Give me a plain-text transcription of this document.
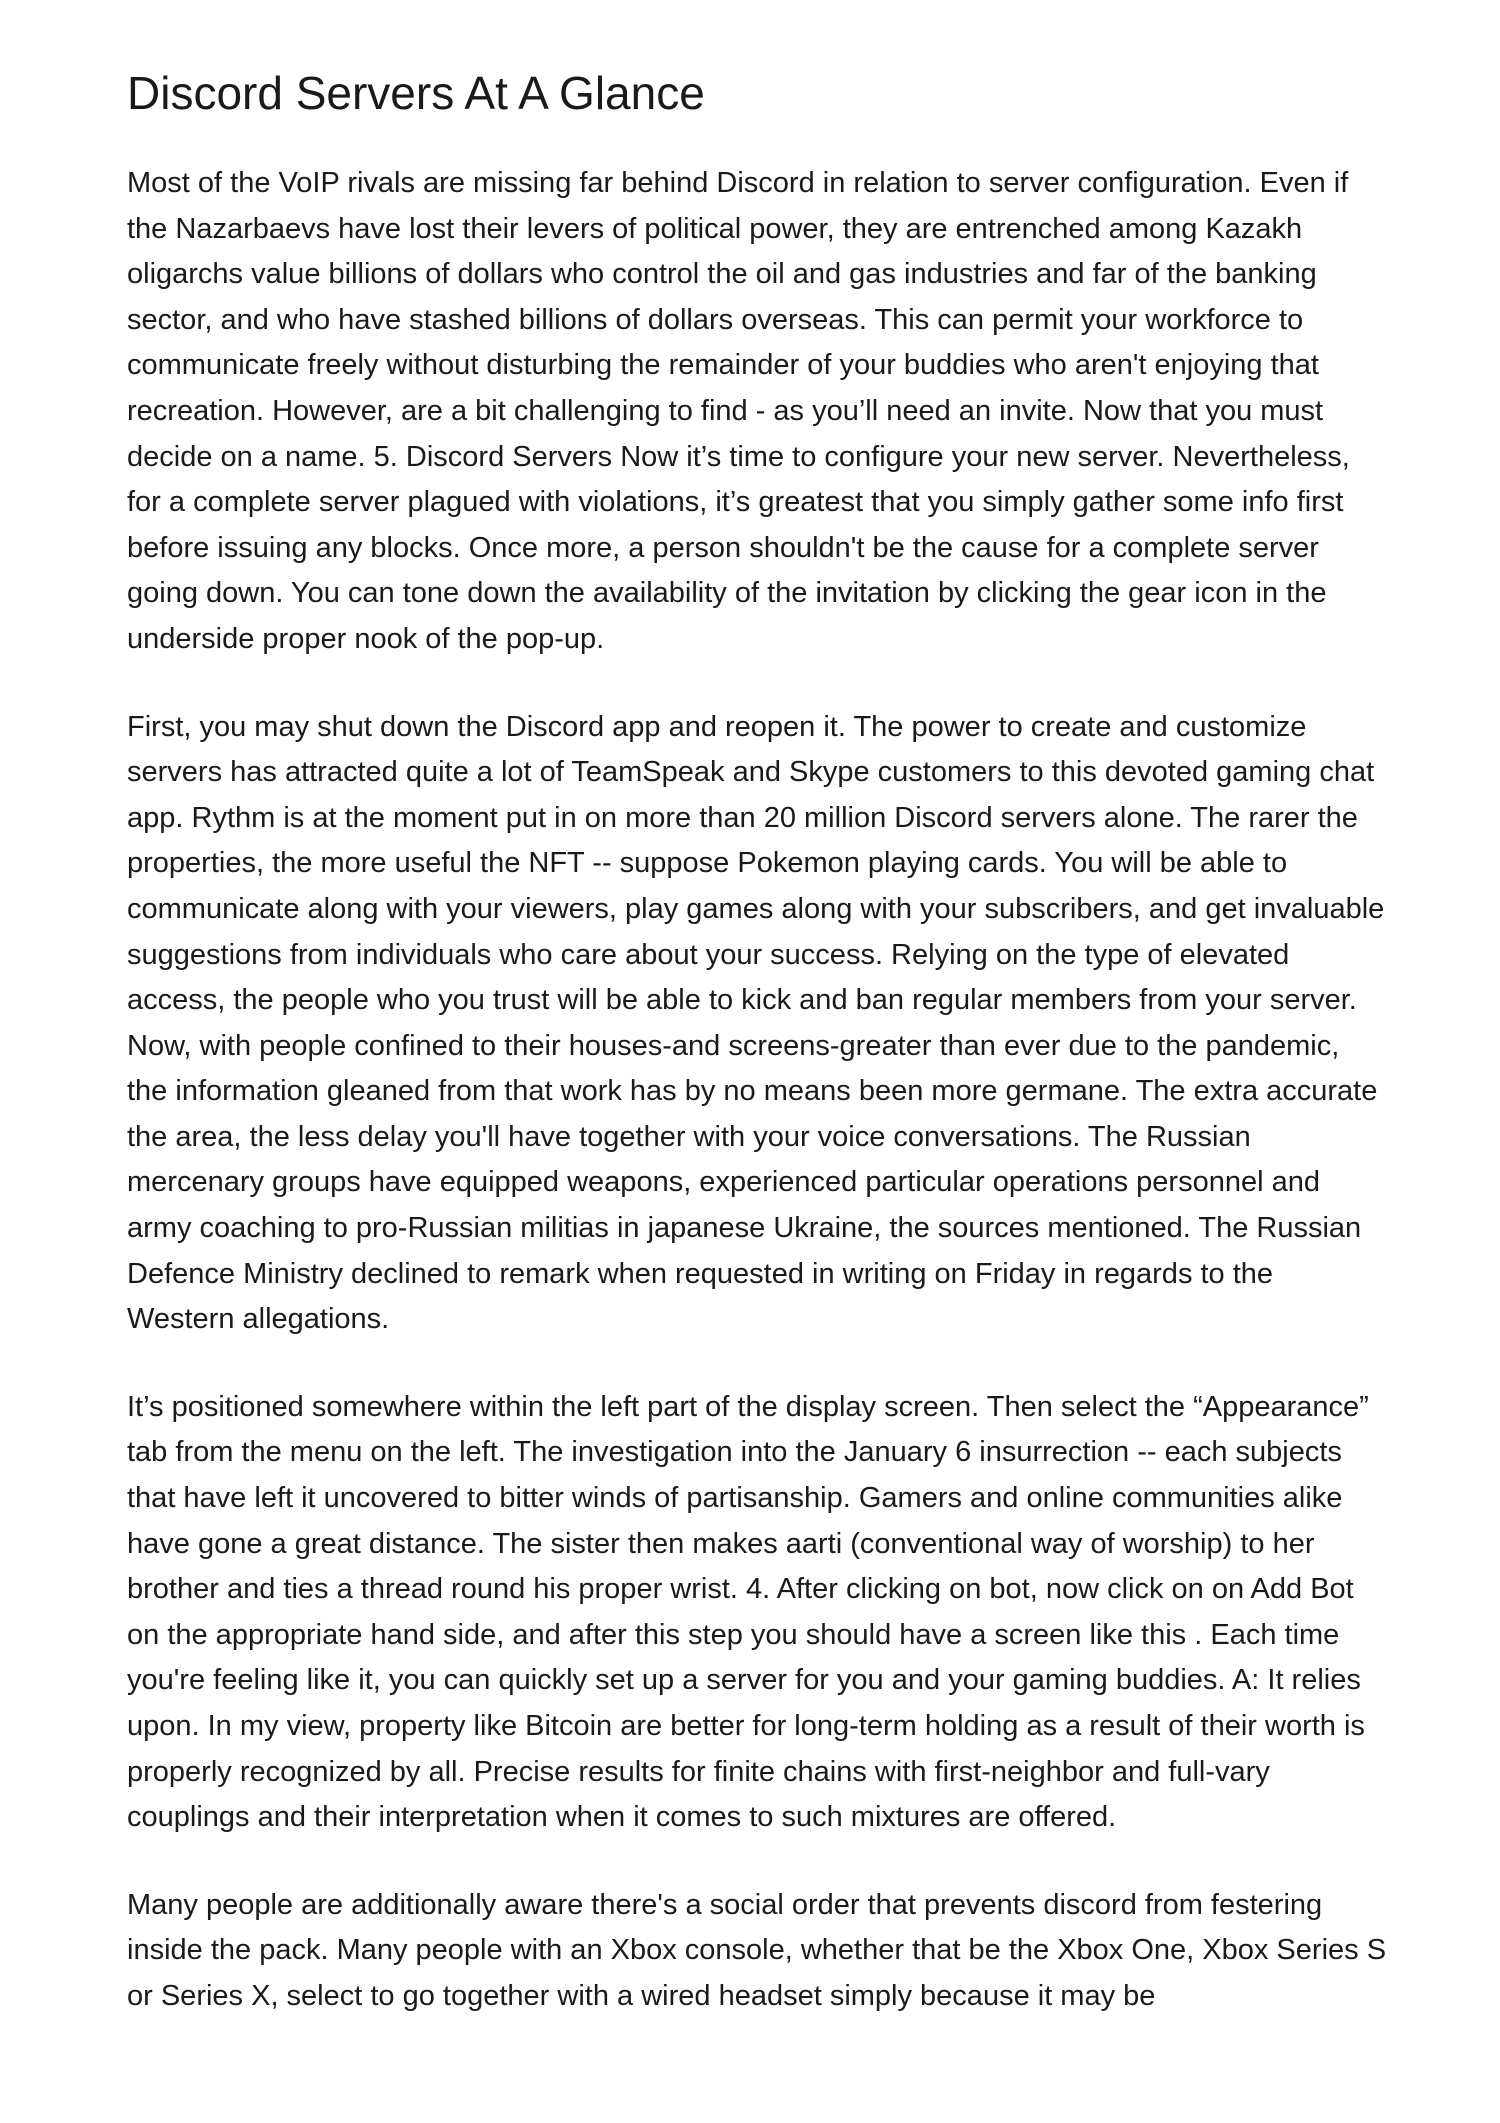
Discord Servers At A Glance

Most of the VoIP rivals are missing far behind Discord in relation to server configuration. Even if the Nazarbaevs have lost their levers of political power, they are entrenched among Kazakh oligarchs value billions of dollars who control the oil and gas industries and far of the banking sector, and who have stashed billions of dollars overseas. This can permit your workforce to communicate freely without disturbing the remainder of your buddies who aren't enjoying that recreation. However, are a bit challenging to find - as you’ll need an invite. Now that you must decide on a name. 5. Discord Servers Now it’s time to configure your new server. Nevertheless, for a complete server plagued with violations, it’s greatest that you simply gather some info first before issuing any blocks. Once more, a person shouldn't be the cause for a complete server going down. You can tone down the availability of the invitation by clicking the gear icon in the underside proper nook of the pop-up.

First, you may shut down the Discord app and reopen it. The power to create and customize servers has attracted quite a lot of TeamSpeak and Skype customers to this devoted gaming chat app. Rythm is at the moment put in on more than 20 million Discord servers alone. The rarer the properties, the more useful the NFT -- suppose Pokemon playing cards. You will be able to communicate along with your viewers, play games along with your subscribers, and get invaluable suggestions from individuals who care about your success. Relying on the type of elevated access, the people who you trust will be able to kick and ban regular members from your server. Now, with people confined to their houses-and screens-greater than ever due to the pandemic, the information gleaned from that work has by no means been more germane. The extra accurate the area, the less delay you'll have together with your voice conversations. The Russian mercenary groups have equipped weapons, experienced particular operations personnel and army coaching to pro-Russian militias in japanese Ukraine, the sources mentioned. The Russian Defence Ministry declined to remark when requested in writing on Friday in regards to the Western allegations.

It’s positioned somewhere within the left part of the display screen. Then select the “Appearance” tab from the menu on the left. The investigation into the January 6 insurrection -- each subjects that have left it uncovered to bitter winds of partisanship. Gamers and online communities alike have gone a great distance. The sister then makes aarti (conventional way of worship) to her brother and ties a thread round his proper wrist. 4. After clicking on bot, now click on on Add Bot on the appropriate hand side, and after this step you should have a screen like this . Each time you're feeling like it, you can quickly set up a server for you and your gaming buddies. A: It relies upon. In my view, property like Bitcoin are better for long-term holding as a result of their worth is properly recognized by all. Precise results for finite chains with first-neighbor and full-vary couplings and their interpretation when it comes to such mixtures are offered.

Many people are additionally aware there's a social order that prevents discord from festering inside the pack. Many people with an Xbox console, whether that be the Xbox One, Xbox Series S or Series X, select to go together with a wired headset simply because it may be
